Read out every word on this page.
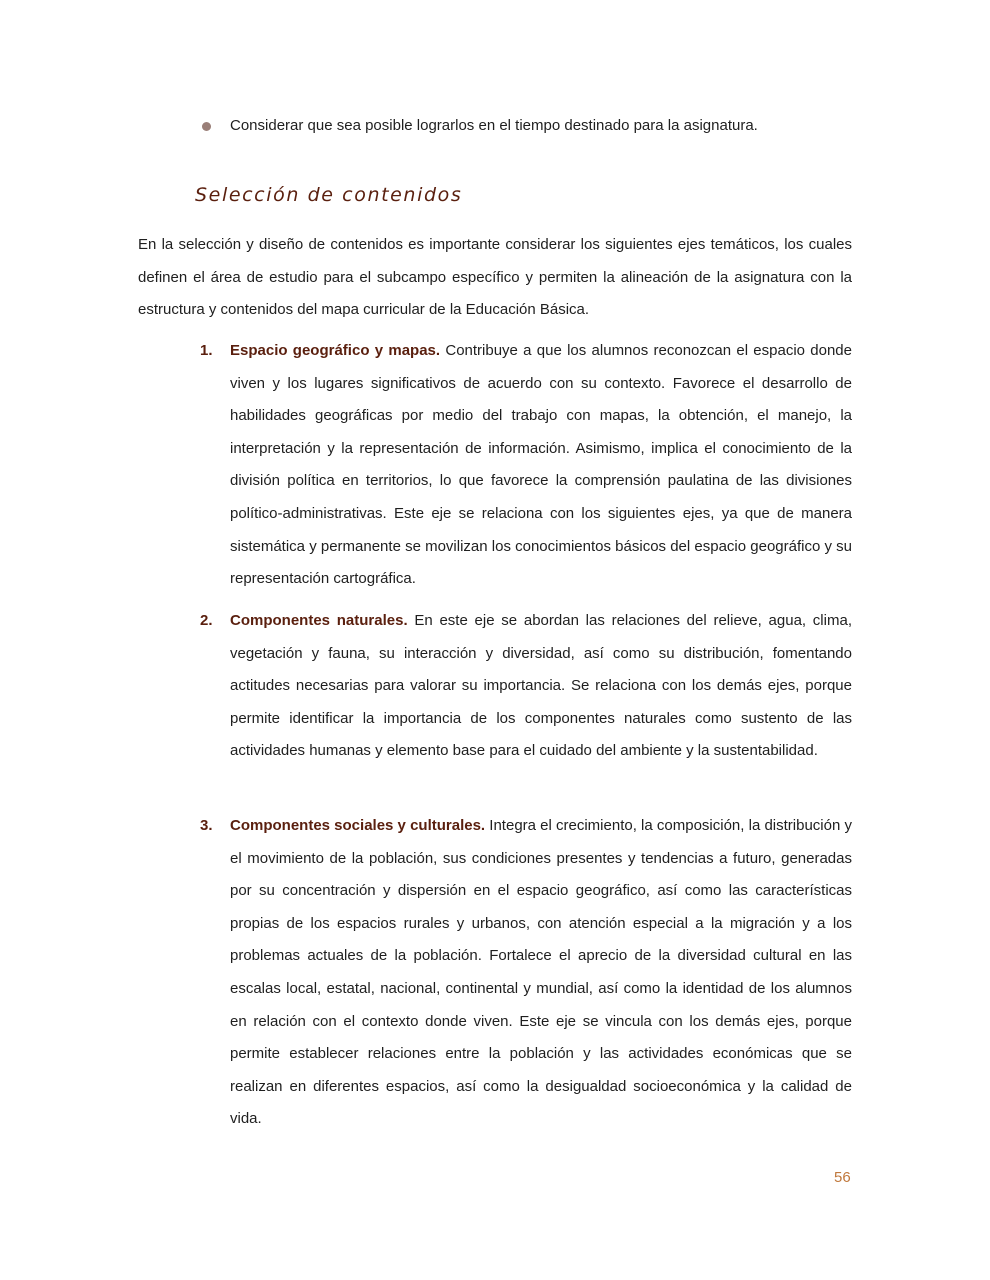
Considerar que sea posible lograrlos en el tiempo destinado para la asignatura.
Selección de contenidos

En la selección y diseño de contenidos es importante considerar los siguientes ejes temáticos, los cuales definen el área de estudio para el subcampo específico y permiten la alineación de la asignatura con la estructura y contenidos del mapa curricular de la Educación Básica.

1. Espacio geográfico y mapas. Contribuye a que los alumnos reconozcan el espacio donde viven y los lugares significativos de acuerdo con su contexto. Favorece el desarrollo de habilidades geográficas por medio del trabajo con mapas, la obtención, el manejo, la interpretación y la representación de información. Asimismo, implica el conocimiento de la división política en territorios, lo que favorece la comprensión paulatina de las divisiones político-administrativas. Este eje se relaciona con los siguientes ejes, ya que de manera sistemática y permanente se movilizan los conocimientos básicos del espacio geográfico y su representación cartográfica.

2. Componentes naturales. En este eje se abordan las relaciones del relieve, agua, clima, vegetación y fauna, su interacción y diversidad, así como su distribución, fomentando actitudes necesarias para valorar su importancia. Se relaciona con los demás ejes, porque permite identificar la importancia de los componentes naturales como sustento de las actividades humanas y elemento base para el cuidado del ambiente y la sustentabilidad.

3. Componentes sociales y culturales. Integra el crecimiento, la composición, la distribución y el movimiento de la población, sus condiciones presentes y tendencias a futuro, generadas por su concentración y dispersión en el espacio geográfico, así como las características propias de los espacios rurales y urbanos, con atención especial a la migración y a los problemas actuales de la población. Fortalece el aprecio de la diversidad cultural en las escalas local, estatal, nacional, continental y mundial, así como la identidad de los alumnos en relación con el contexto donde viven. Este eje se vincula con los demás ejes, porque permite establecer relaciones entre la población y las actividades económicas que se realizan en diferentes espacios, así como la desigualdad socioeconómica y la calidad de vida.

56
